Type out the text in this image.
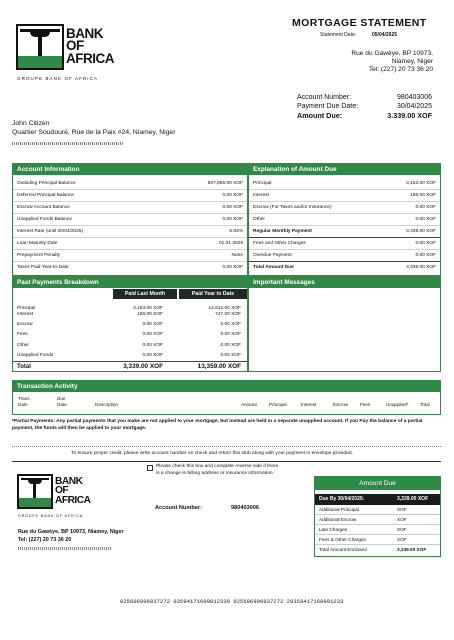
BANK
OF
AFRICA
GROUPE BANK OF AFRICA
MORTGAGE STATEMENT
Statement Date:	05/04/2025
Rue du Gawèye, BP 10973,
Niamey, Niger
Tel: (227) 20 73 36 20
Account Number:	980403006
Payment Due Date:	30/04/2025
Amount Due:	3.339.00 XOF
John Citizen
Quartier Soudouré, Rue de la Paix #24, Niamey, Niger
Account Information
Outsiding Principal Balance	507,855.00 XOF
Deferred Principal Balance	0.00 XOF
Escrow Account Balance	0.00 XOF
Unapplied Funds Balance	0.00 XOF
Interest Rate (until 30/04/2025)	5.93%
Loan Maturity Date	01.01.2025
Prepayment Penalty	None
Taxes Paid Year-to-Date	0.00 XOF
Explanation of Amount Due
Principal	3,153.00 XOF
Interest	186.00 XOF
Escrow (For Taxes and/or Insurance)	0.00 XOF
Other	0.00 XOF
Regular Monthly Payment	3,339.00 XOF
Fees and Other Charges	0.00 XOF
Overdue Payment	0.00 XOF
Total Amount Due	3,339.00 XOF
Past Payments Breakdown
Paid Last Month	Paid Year to Date
Principal	3,153.00 XOF	12,612.00 XOF
Interest	186.00 XOF	747.00 XOF
Escrow	0.00 XOF	0.00 XOF
Fees	0.00 XOF	0.00 XOF
Other	0.00 XOF	0.00 XOF
Unapplied Funds	0.00 XOF	0.00 XOF
Total	3,339.00 XOF	13,359.00 XOF
Important Messages
Transaction Activity
Trans.
Date
Due
Date	Description	Amount	Principal	Interest	Escrow	Fees	Unapplied*	Total
*Partial Payments: Any partial payments that you make are not applied to your mortgage, but instead are held in a separate unapplied account. If you Pay the balance of a partial payment, the funds will then be applied to your mortgage.
To ensure proper credit, please write account number on check and return this stub along with your payment in envelope provided.
BANK
OF
AFRICA
GROUPE BANK OF AFRICA
Rue du Gawèye, BP 10973, Niamey, Niger
Tel: (227) 20 73 36 20
Please check this box and complete reverse side if there
is a change in billing address or insurance information.
Account Number:	980403006
Amount Due
Due By 30/04/2025:	3,339.00 XOF
Additional Principal	XOF
Additional Escrow	XOF
Late Charges	XOF
Fees & Other Charges	XOF
Total Amount Enclosed	3,339.00 XOF
025606906037272 03594171609012330 025606906037272 20359417160901233
